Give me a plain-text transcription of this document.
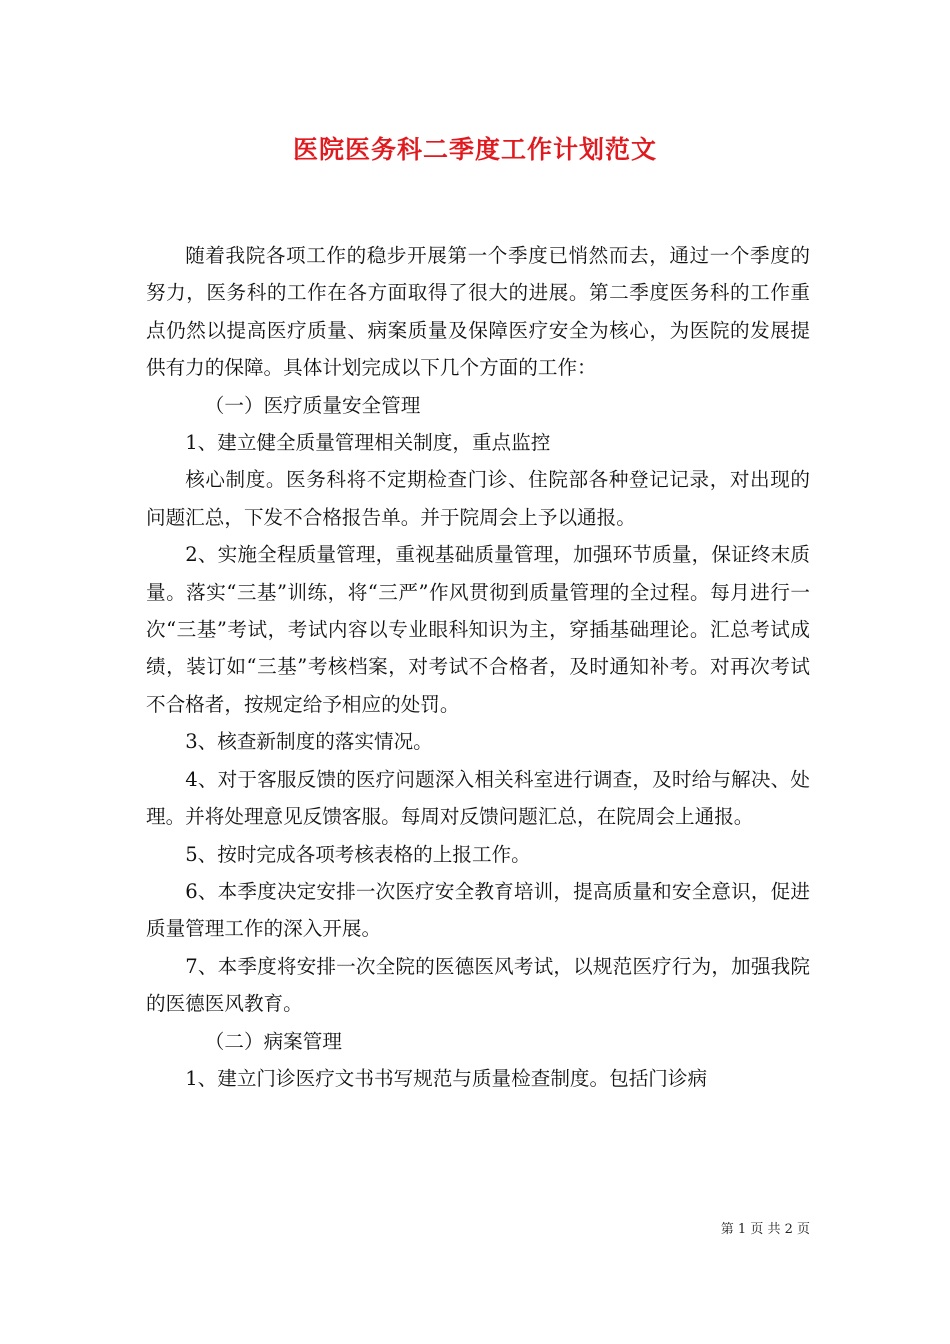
医院医务科二季度工作计划范文

随着我院各项工作的稳步开展第一个季度已悄然而去，通过一个季度的努力，医务科的工作在各方面取得了很大的进展。第二季度医务科的工作重点仍然以提高医疗质量、病案质量及保障医疗安全为核心，为医院的发展提供有力的保障。具体计划完成以下几个方面的工作：

（一）医疗质量安全管理

1、建立健全质量管理相关制度，重点监控

核心制度。医务科将不定期检查门诊、住院部各种登记记录，对出现的问题汇总，下发不合格报告单。并于院周会上予以通报。

2、实施全程质量管理，重视基础质量管理，加强环节质量，保证终末质量。落实“三基”训练，将“三严”作风贯彻到质量管理的全过程。每月进行一次“三基”考试，考试内容以专业眼科知识为主，穿插基础理论。汇总考试成绩，装订如“三基”考核档案，对考试不合格者，及时通知补考。对再次考试不合格者，按规定给予相应的处罚。

3、核查新制度的落实情况。

4、对于客服反馈的医疗问题深入相关科室进行调查，及时给与解决、处理。并将处理意见反馈客服。每周对反馈问题汇总，在院周会上通报。

5、按时完成各项考核表格的上报工作。

6、本季度决定安排一次医疗安全教育培训，提高质量和安全意识，促进质量管理工作的深入开展。

7、本季度将安排一次全院的医德医风考试，以规范医疗行为，加强我院的医德医风教育。

（二）病案管理

1、建立门诊医疗文书书写规范与质量检查制度。包括门诊病

第 1 页 共 2 页
